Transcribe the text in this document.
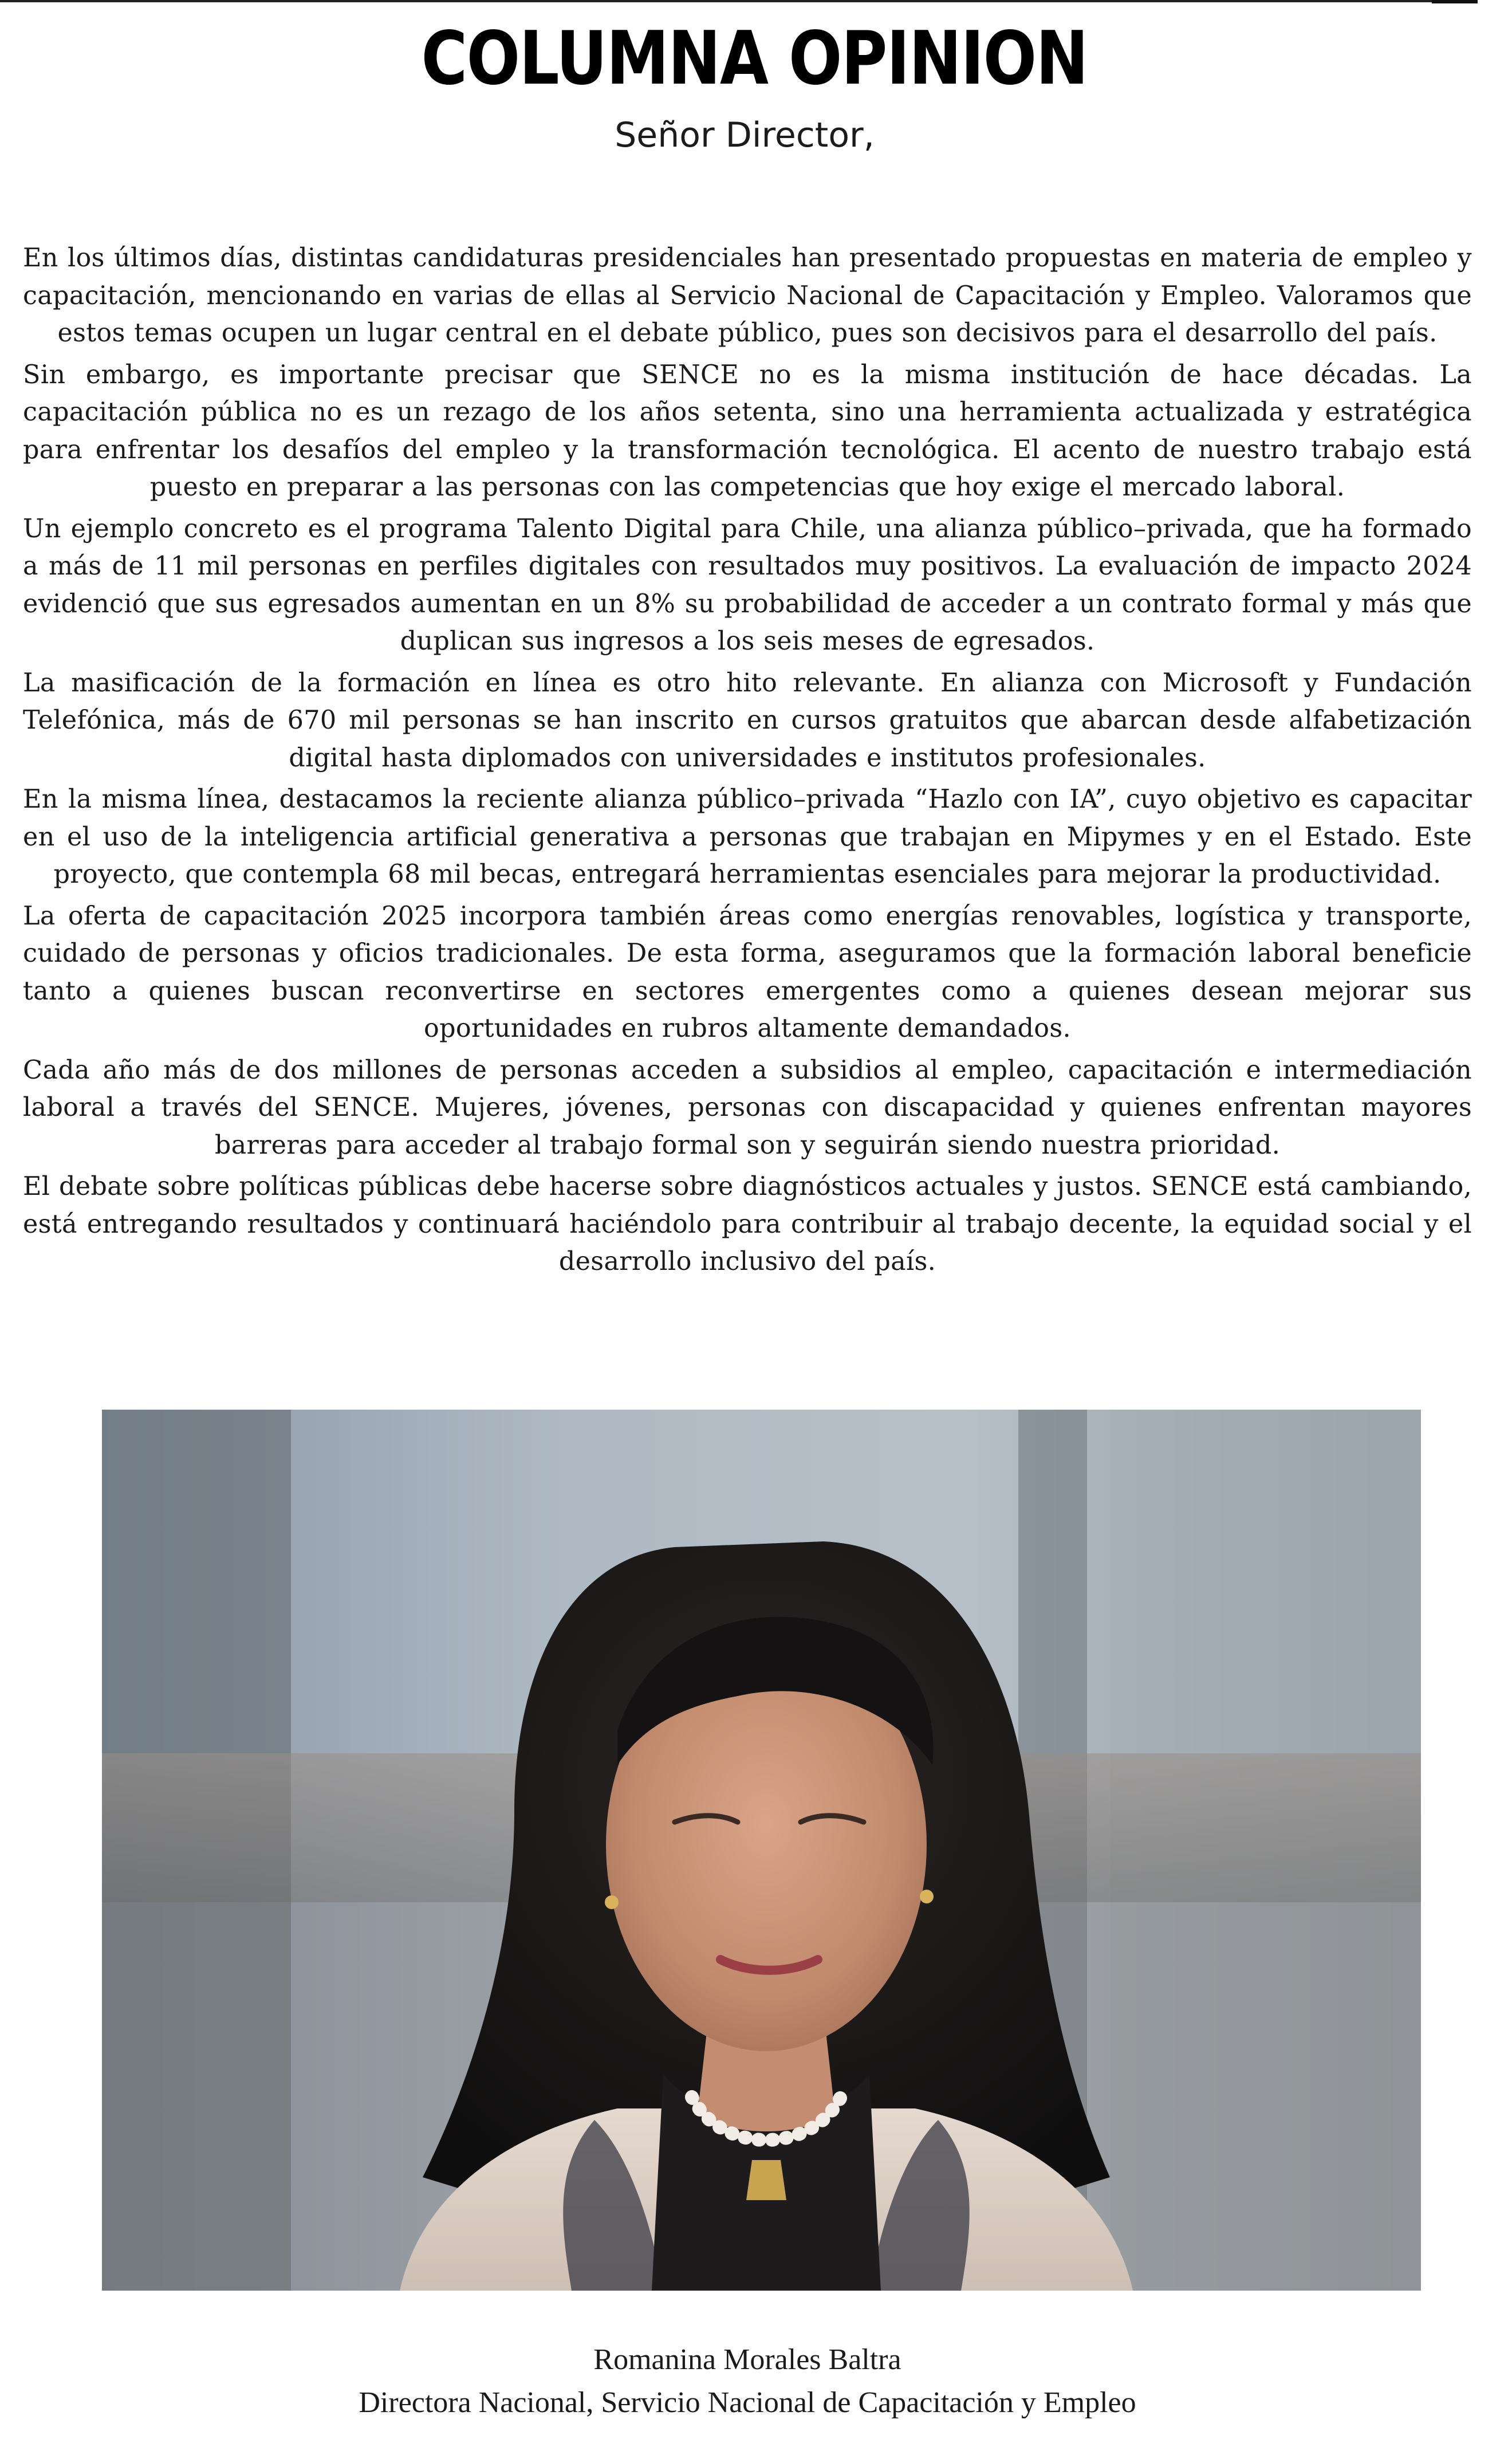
COLUMNA OPINION
Señor Director,

En los últimos días, distintas candidaturas presidenciales han presentado propuestas en materia de empleo y capacitación, mencionando en varias de ellas al Servicio Nacional de Capacitación y Empleo. Valoramos que estos temas ocupen un lugar central en el debate público, pues son decisivos para el desarrollo del país.

Sin embargo, es importante precisar que SENCE no es la misma institución de hace décadas. La capacitación pública no es un rezago de los años setenta, sino una herramienta actualizada y estratégica para enfrentar los desafíos del empleo y la transformación tecnológica. El acento de nuestro trabajo está puesto en preparar a las personas con las competencias que hoy exige el mercado laboral.

Un ejemplo concreto es el programa Talento Digital para Chile, una alianza público–privada, que ha formado a más de 11 mil personas en perfiles digitales con resultados muy positivos. La evaluación de impacto 2024 evidenció que sus egresados aumentan en un 8% su probabilidad de acceder a un contrato formal y más que duplican sus ingresos a los seis meses de egresados.

La masificación de la formación en línea es otro hito relevante. En alianza con Microsoft y Fundación Telefónica, más de 670 mil personas se han inscrito en cursos gratuitos que abarcan desde alfabetización digital hasta diplomados con universidades e institutos profesionales.

En la misma línea, destacamos la reciente alianza público–privada “Hazlo con IA”, cuyo objetivo es capacitar en el uso de la inteligencia artificial generativa a personas que trabajan en Mipymes y en el Estado. Este proyecto, que contempla 68 mil becas, entregará herramientas esenciales para mejorar la productividad.

La oferta de capacitación 2025 incorpora también áreas como energías renovables, logística y transporte, cuidado de personas y oficios tradicionales. De esta forma, aseguramos que la formación laboral beneficie tanto a quienes buscan reconvertirse en sectores emergentes como a quienes desean mejorar sus oportunidades en rubros altamente demandados.

Cada año más de dos millones de personas acceden a subsidios al empleo, capacitación e intermediación laboral a través del SENCE. Mujeres, jóvenes, personas con discapacidad y quienes enfrentan mayores barreras para acceder al trabajo formal son y seguirán siendo nuestra prioridad.

El debate sobre políticas públicas debe hacerse sobre diagnósticos actuales y justos. SENCE está cambiando, está entregando resultados y continuará haciéndolo para contribuir al trabajo decente, la equidad social y el desarrollo inclusivo del país.

Romanina Morales Baltra
Directora Nacional, Servicio Nacional de Capacitación y Empleo
